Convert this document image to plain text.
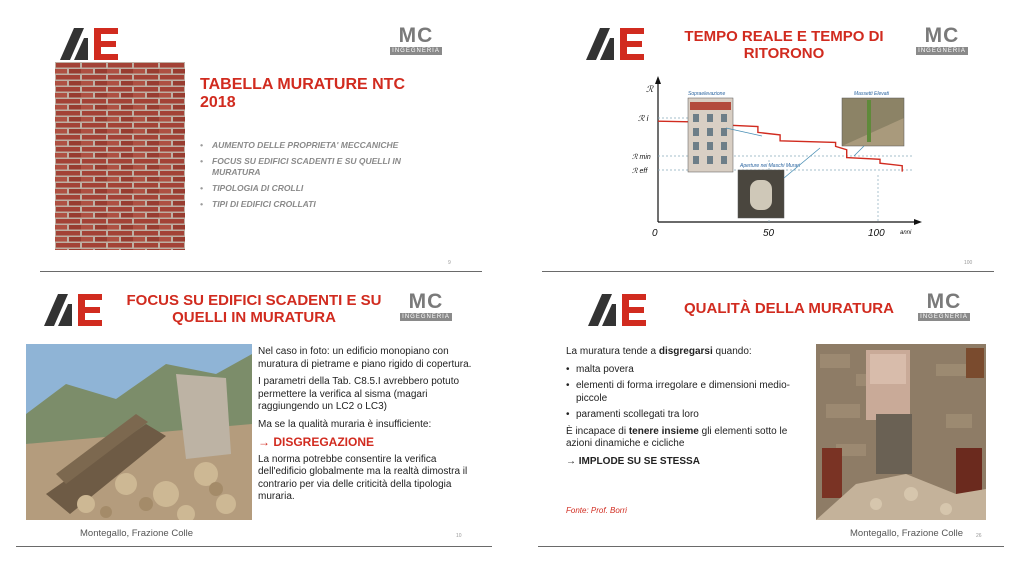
MC
INGEGNERIA
TABELLA MURATURE NTC 2018
• AUMENTO DELLE PROPRIETA' MECCANICHE
• FOCUS SU EDIFICI SCADENTI E SU QUELLI IN MURATURA
• TIPOLOGIA DI CROLLI
• TIPI DI EDIFICI CROLLATI
9
MC
INGEGNERIA
TEMPO REALE E TEMPO DI RITORONO
ℛ
ℛ i
ℛ min
ℛ eff
0	50	100	anni
Sopraelevazione
Aperture nei Maschi Murari
Massetti Elevati
100
MC
INGEGNERIA
FOCUS SU EDIFICI SCADENTI E SU QUELLI IN MURATURA

Nel caso in foto: un edificio monopiano con muratura di pietrame e piano rigido di copertura.

I parametri della Tab. C8.5.I avrebbero potuto permettere la verifica al sisma (magari raggiungendo un LC2 o LC3)

Ma se la qualità muraria è insufficiente:

→ DISGREGAZIONE

La norma potrebbe consentire la verifica dell'edificio globalmente ma la realtà dimostra il contrario per via delle criticità della tipologia muraria.

Montegallo, Frazione Colle	10
MC
INGEGNERIA
QUALITÀ DELLA MURATURA

La muratura tende a disgregarsi quando:

• malta povera
• elementi di forma irregolare e dimensioni medio-piccole
• paramenti scollegati tra loro

È incapace di tenere insieme gli elementi sotto le azioni dinamiche e cicliche

→ IMPLODE SU SE STESSA

Fonte: Prof. Borri
Montegallo, Frazione Colle	26
